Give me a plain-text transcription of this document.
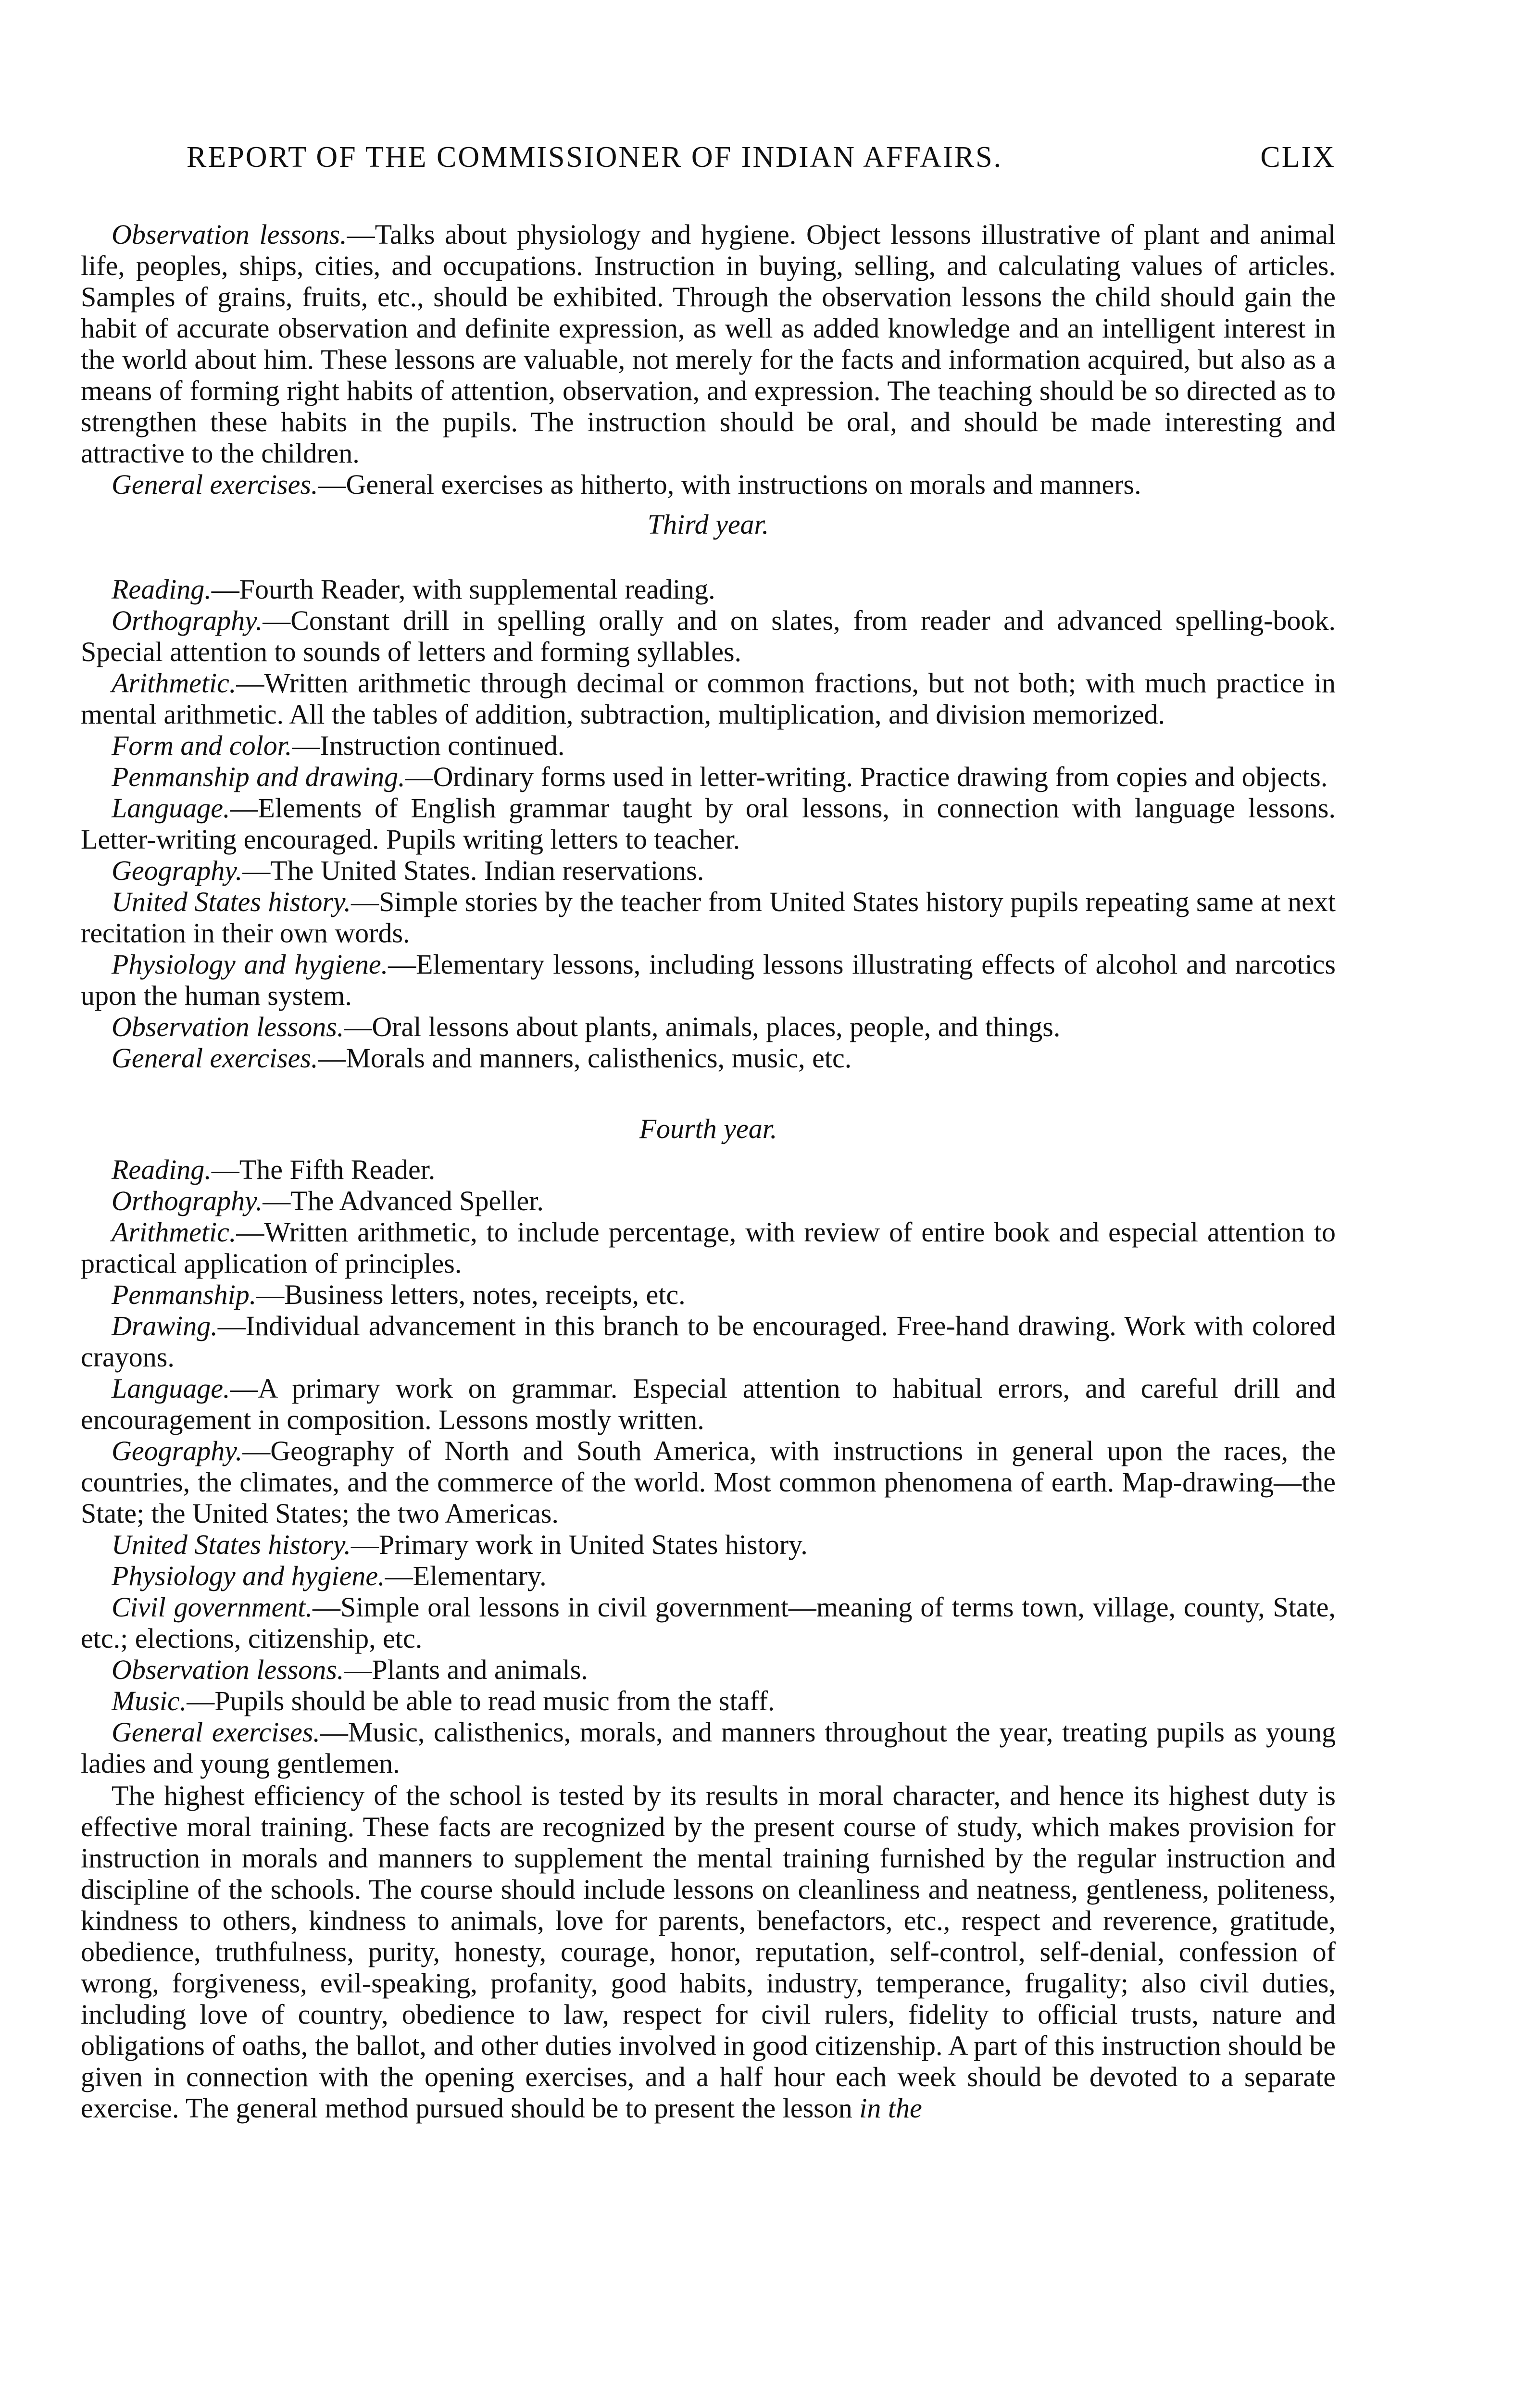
REPORT OF THE COMMISSIONER OF INDIAN AFFAIRS.	CLIX

Observation lessons.—Talks about physiology and hygiene. Object lessons illustrative of plant and animal life, peoples, ships, cities, and occupations. Instruction in buying, selling, and calculating values of articles. Samples of grains, fruits, etc., should be exhibited. Through the observation lessons the child should gain the habit of accurate observation and definite expression, as well as added knowledge and an intelligent interest in the world about him. These lessons are valuable, not merely for the facts and information acquired, but also as a means of forming right habits of attention, observation, and expression. The teaching should be so directed as to strengthen these habits in the pupils. The instruction should be oral, and should be made interesting and attractive to the children.

General exercises.—General exercises as hitherto, with instructions on morals and manners.

Third year.

Reading.—Fourth Reader, with supplemental reading.

Orthography.—Constant drill in spelling orally and on slates, from reader and advanced spelling-book. Special attention to sounds of letters and forming syllables.

Arithmetic.—Written arithmetic through decimal or common fractions, but not both; with much practice in mental arithmetic. All the tables of addition, subtraction, multiplication, and division memorized.

Form and color.—Instruction continued.

Penmanship and drawing.—Ordinary forms used in letter-writing. Practice drawing from copies and objects.

Language.—Elements of English grammar taught by oral lessons, in connection with language lessons. Letter-writing encouraged. Pupils writing letters to teacher.

Geography.—The United States. Indian reservations.

United States history.—Simple stories by the teacher from United States history pupils repeating same at next recitation in their own words.

Physiology and hygiene.—Elementary lessons, including lessons illustrating effects of alcohol and narcotics upon the human system.

Observation lessons.—Oral lessons about plants, animals, places, people, and things.

General exercises.—Morals and manners, calisthenics, music, etc.

Fourth year.

Reading.—The Fifth Reader.

Orthography.—The Advanced Speller.

Arithmetic.—Written arithmetic, to include percentage, with review of entire book and especial attention to practical application of principles.

Penmanship.—Business letters, notes, receipts, etc.

Drawing.—Individual advancement in this branch to be encouraged. Free-hand drawing. Work with colored crayons.

Language.—A primary work on grammar. Especial attention to habitual errors, and careful drill and encouragement in composition. Lessons mostly written.

Geography.—Geography of North and South America, with instructions in general upon the races, the countries, the climates, and the commerce of the world. Most common phenomena of earth. Map-drawing—the State; the United States; the two Americas.

United States history.—Primary work in United States history.

Physiology and hygiene.—Elementary.

Civil government.—Simple oral lessons in civil government—meaning of terms town, village, county, State, etc.; elections, citizenship, etc.

Observation lessons.—Plants and animals.

Music.—Pupils should be able to read music from the staff.

General exercises.—Music, calisthenics, morals, and manners throughout the year, treating pupils as young ladies and young gentlemen.

The highest efficiency of the school is tested by its results in moral character, and hence its highest duty is effective moral training. These facts are recognized by the present course of study, which makes provision for instruction in morals and manners to supplement the mental training furnished by the regular instruction and discipline of the schools. The course should include lessons on cleanliness and neatness, gentleness, politeness, kindness to others, kindness to animals, love for parents, benefactors, etc., respect and reverence, gratitude, obedience, truthfulness, purity, honesty, courage, honor, reputation, self-control, self-denial, confession of wrong, forgiveness, evil-speaking, profanity, good habits, industry, temperance, frugality; also civil duties, including love of country, obedience to law, respect for civil rulers, fidelity to official trusts, nature and obligations of oaths, the ballot, and other duties involved in good citizenship. A part of this instruction should be given in connection with the opening exercises, and a half hour each week should be devoted to a separate exercise. The general method pursued should be to present the lesson in the
